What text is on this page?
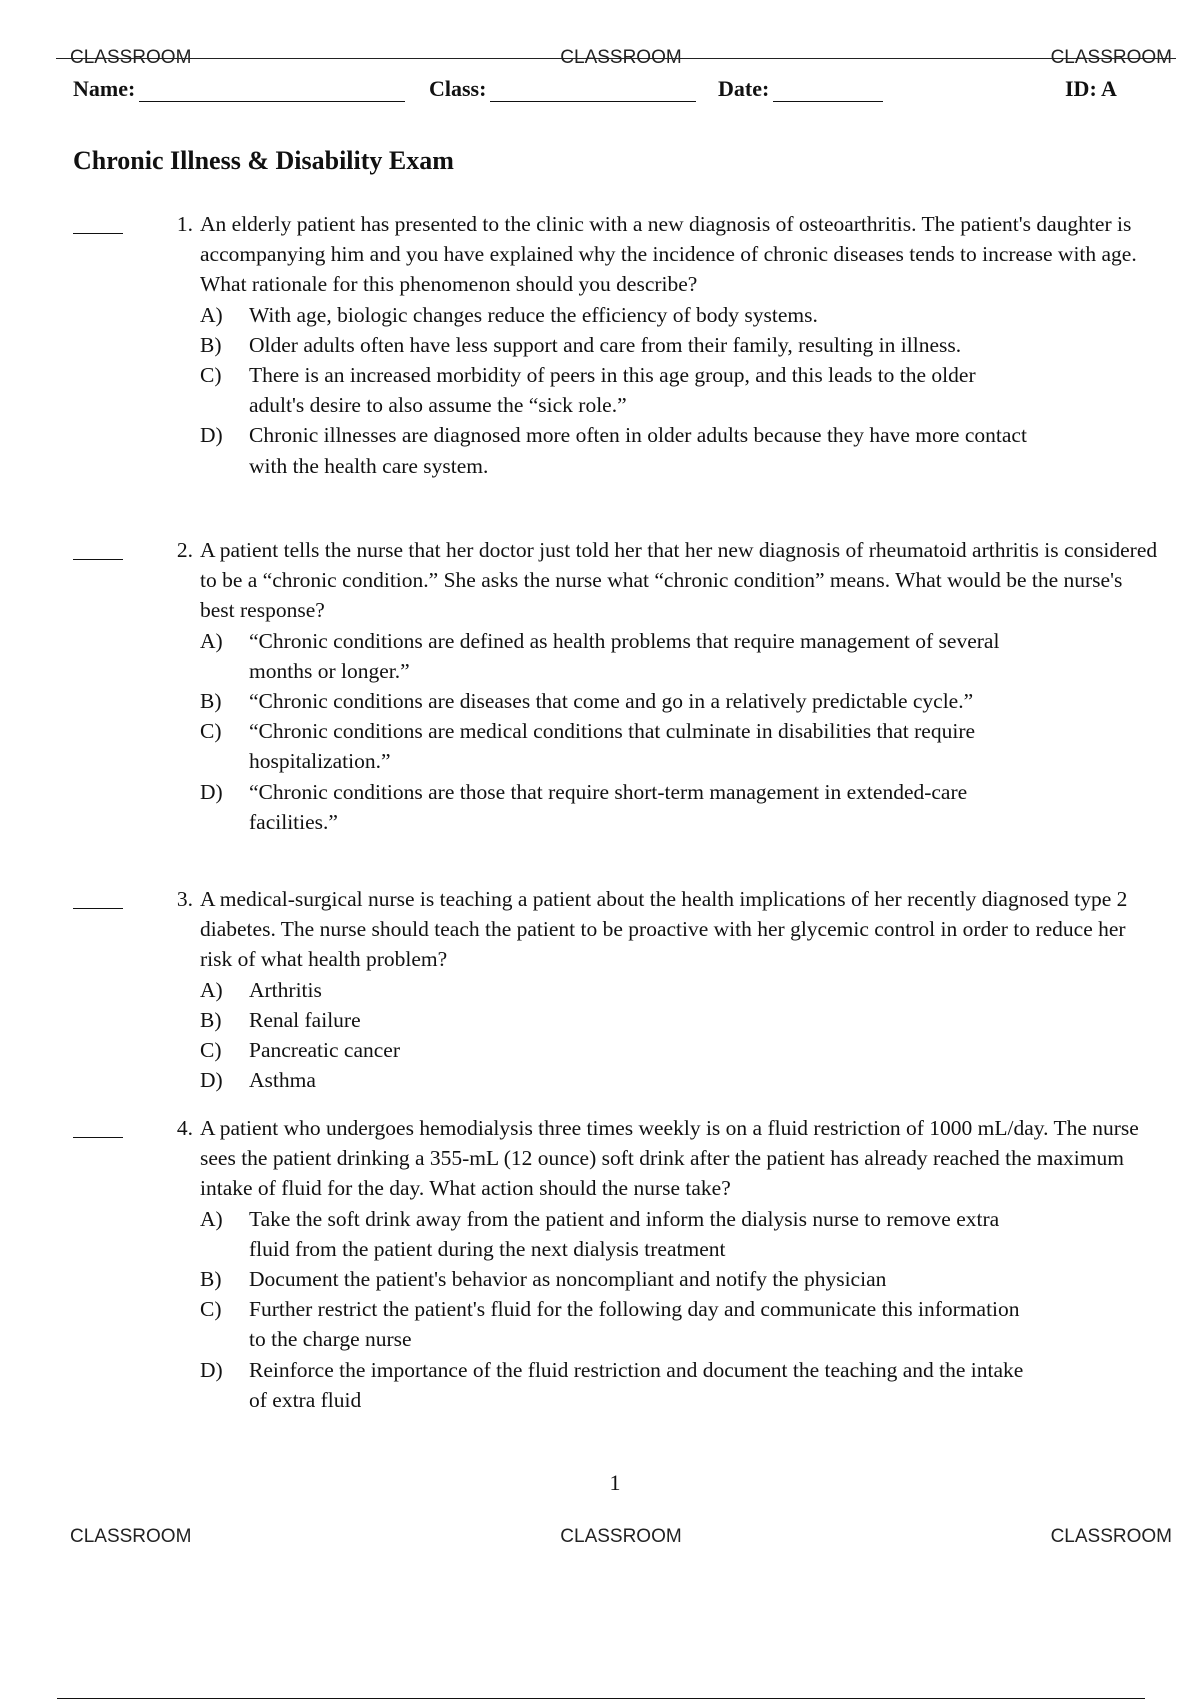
CLASSROOM	CLASSROOM	CLASSROOM
Name:	Class:	Date:	ID: A
Chronic Illness & Disability Exam
1. An elderly patient has presented to the clinic with a new diagnosis of osteoarthritis. The patient's daughter is accompanying him and you have explained why the incidence of chronic diseases tends to increase with age. What rationale for this phenomenon should you describe?
A)	With age, biologic changes reduce the efficiency of body systems.
B)	Older adults often have less support and care from their family, resulting in illness.
C)	There is an increased morbidity of peers in this age group, and this leads to the older adult's desire to also assume the “sick role.”
D)	Chronic illnesses are diagnosed more often in older adults because they have more contact with the health care system.
2. A patient tells the nurse that her doctor just told her that her new diagnosis of rheumatoid arthritis is considered to be a “chronic condition.” She asks the nurse what “chronic condition” means. What would be the nurse's best response?
A)	“Chronic conditions are defined as health problems that require management of several months or longer.”
B)	“Chronic conditions are diseases that come and go in a relatively predictable cycle.”
C)	“Chronic conditions are medical conditions that culminate in disabilities that require hospitalization.”
D)	“Chronic conditions are those that require short-term management in extended-care facilities.”
3. A medical-surgical nurse is teaching a patient about the health implications of her recently diagnosed type 2 diabetes. The nurse should teach the patient to be proactive with her glycemic control in order to reduce her risk of what health problem?
A)	Arthritis
B)	Renal failure
C)	Pancreatic cancer
D)	Asthma
4. A patient who undergoes hemodialysis three times weekly is on a fluid restriction of 1000 mL/day. The nurse sees the patient drinking a 355-mL (12 ounce) soft drink after the patient has already reached the maximum intake of fluid for the day. What action should the nurse take?
A)	Take the soft drink away from the patient and inform the dialysis nurse to remove extra fluid from the patient during the next dialysis treatment
B)	Document the patient's behavior as noncompliant and notify the physician
C)	Further restrict the patient's fluid for the following day and communicate this information to the charge nurse
D)	Reinforce the importance of the fluid restriction and document the teaching and the intake of extra fluid
1
CLASSROOM	CLASSROOM	CLASSROOM
